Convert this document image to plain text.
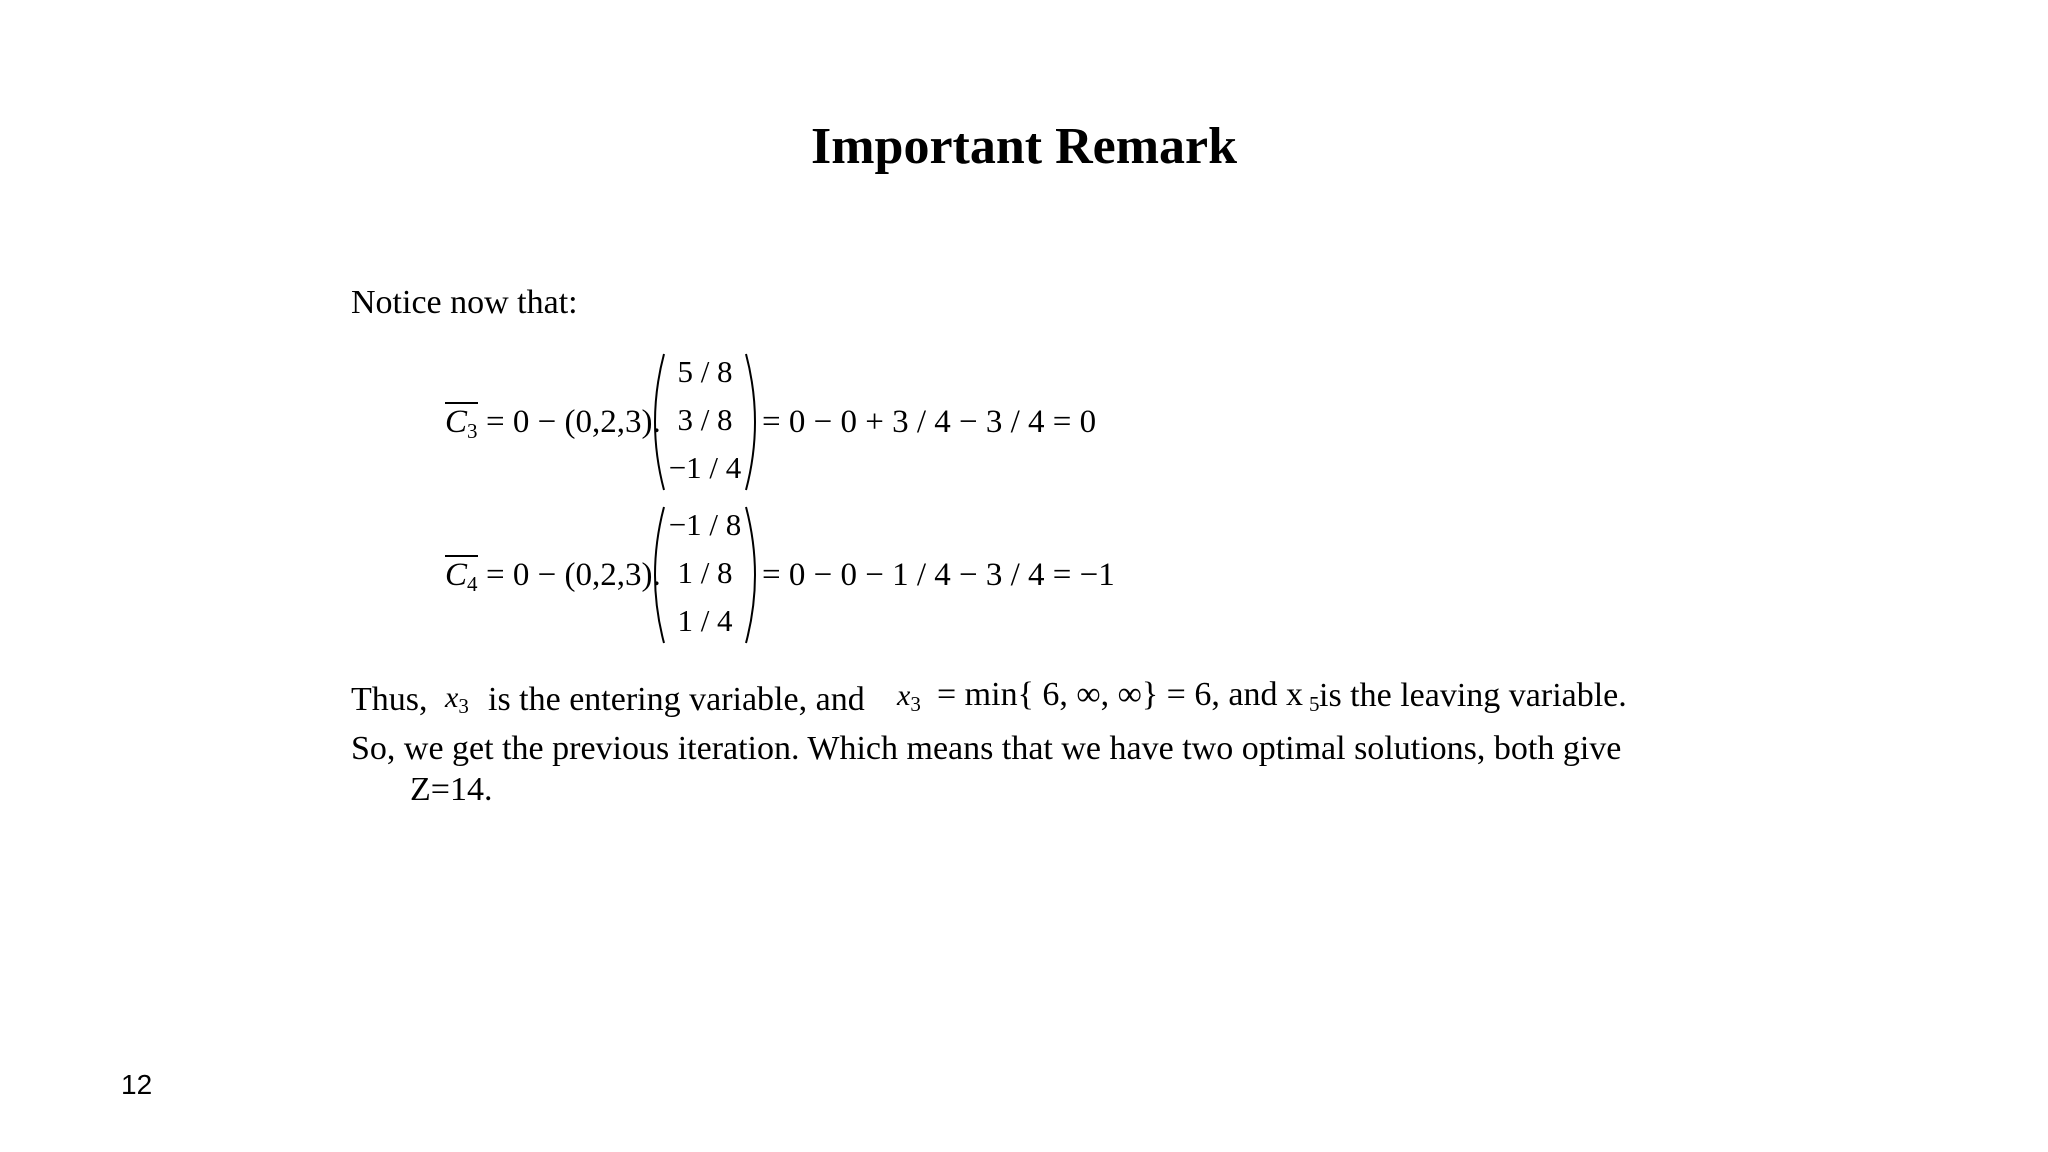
Important Remark
Notice now that:
$C_3 = 0 - (0,2,3)$.
5 / 8
3 / 8
−1 / 4
= 0 − 0 + 3 / 4 − 3 / 4 = 0
$C_4 = 0 - (0,2,3)$.
−1 / 8
1 / 8
1 / 4
= 0 − 0 − 1 / 4 − 3 / 4 = −1
Thus, $x_3$ is the entering variable, and $x_3 = \min${ 6, ∞, ∞} = 6, and x $_5$ is the leaving variable.
So, we get the previous iteration. Which means that we have two optimal solutions, both give
Z=14.
12
